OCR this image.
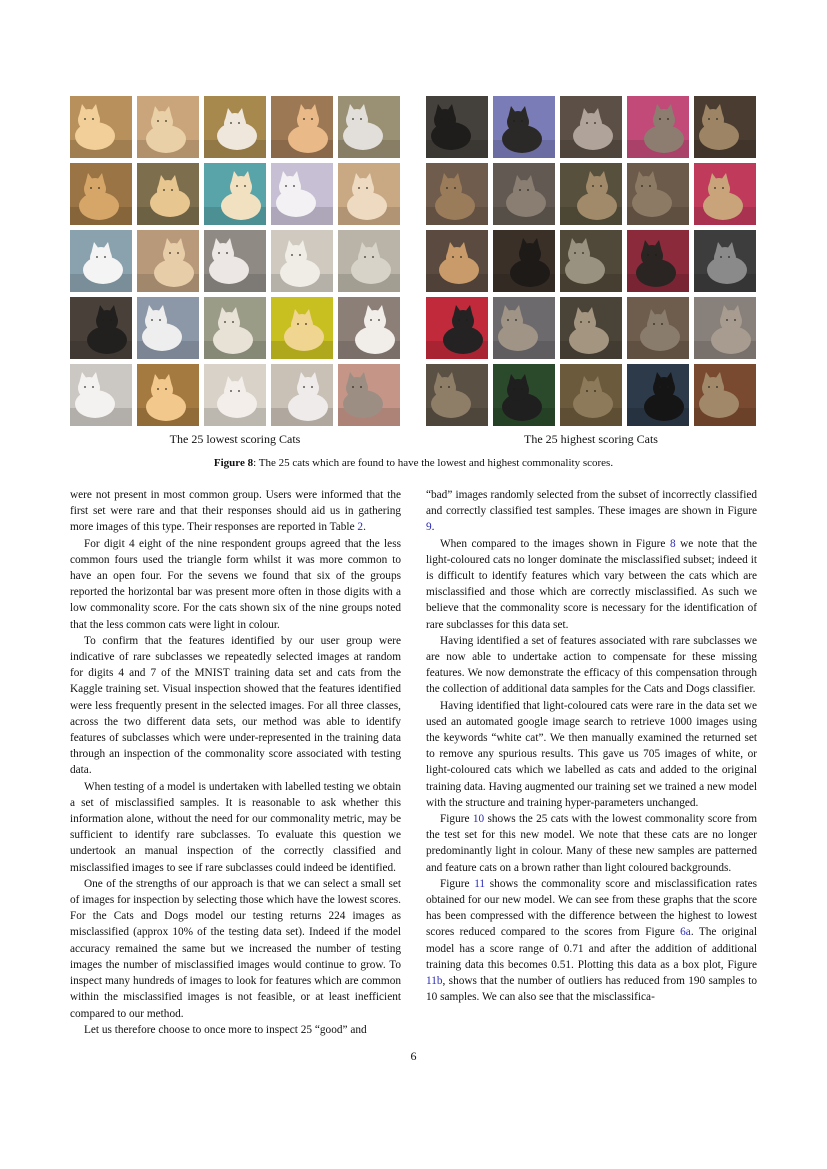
The 25 lowest scoring Cats	The 25 highest scoring Cats
Figure 8: The 25 cats which are found to have the lowest and highest commonality scores.

were not present in most common group. Users were informed that the first set were rare and that their responses should aid us in gathering more images of this type. Their responses are reported in Table 2.

For digit 4 eight of the nine respondent groups agreed that the less common fours used the triangle form whilst it was more common to have an open four. For the sevens we found that six of the groups reported the horizontal bar was present more often in those digits with a low commonality score. For the cats shown six of the nine groups noted that the less common cats were light in colour.

To confirm that the features identified by our user group were indicative of rare subclasses we repeatedly selected images at random for digits 4 and 7 of the MNIST training data set and cats from the Kaggle training set. Visual inspection showed that the features identified were less frequently present in the selected images. For all three classes, across the two different data sets, our method was able to identify features of subclasses which were under-represented in the training data through an inspection of the commonality score associated with testing data.

When testing of a model is undertaken with labelled testing we obtain a set of misclassified samples. It is reasonable to ask whether this information alone, without the need for our commonality metric, may be sufficient to identify rare subclasses. To evaluate this question we undertook an manual inspection of the correctly classified and misclassified images to see if rare subclasses could indeed be identified.

One of the strengths of our approach is that we can select a small set of images for inspection by selecting those which have the lowest scores. For the Cats and Dogs model our testing returns 224 images as misclassified (approx 10% of the testing data set). Indeed if the model accuracy remained the same but we increased the number of testing images the number of misclassified images would continue to grow. To inspect many hundreds of images to look for features which are common within the misclassified images is not feasible, or at least inefficient compared to our method.

Let us therefore choose to once more to inspect 25 “good” and

“bad” images randomly selected from the subset of incorrectly classified and correctly classified test samples. These images are shown in Figure 9.

When compared to the images shown in Figure 8 we note that the light-coloured cats no longer dominate the misclassified subset; indeed it is difficult to identify features which vary between the cats which are misclassified and those which are correctly misclassified. As such we believe that the commonality score is necessary for the identification of rare subclasses for this data set.

Having identified a set of features associated with rare subclasses we are now able to undertake action to compensate for these missing features. We now demonstrate the efficacy of this compensation through the collection of additional data samples for the Cats and Dogs classifier.

Having identified that light-coloured cats were rare in the data set we used an automated google image search to retrieve 1000 images using the keywords “white cat”. We then manually examined the returned set to remove any spurious results. This gave us 705 images of white, or light-coloured cats which we labelled as cats and added to the original training data. Having augmented our training set we trained a new model with the structure and training hyper-parameters unchanged.

Figure 10 shows the 25 cats with the lowest commonality score from the test set for this new model. We note that these cats are no longer predominantly light in colour. Many of these new samples are patterned and feature cats on a brown rather than light coloured backgrounds.

Figure 11 shows the commonality score and misclassification rates obtained for our new model. We can see from these graphs that the score has been compressed with the difference between the highest to lowest scores reduced compared to the scores from Figure 6a. The original model has a score range of 0.71 and after the addition of additional training data this becomes 0.51. Plotting this data as a box plot, Figure 11b, shows that the number of outliers has reduced from 190 samples to 10 samples. We can also see that the misclassifica-

6
